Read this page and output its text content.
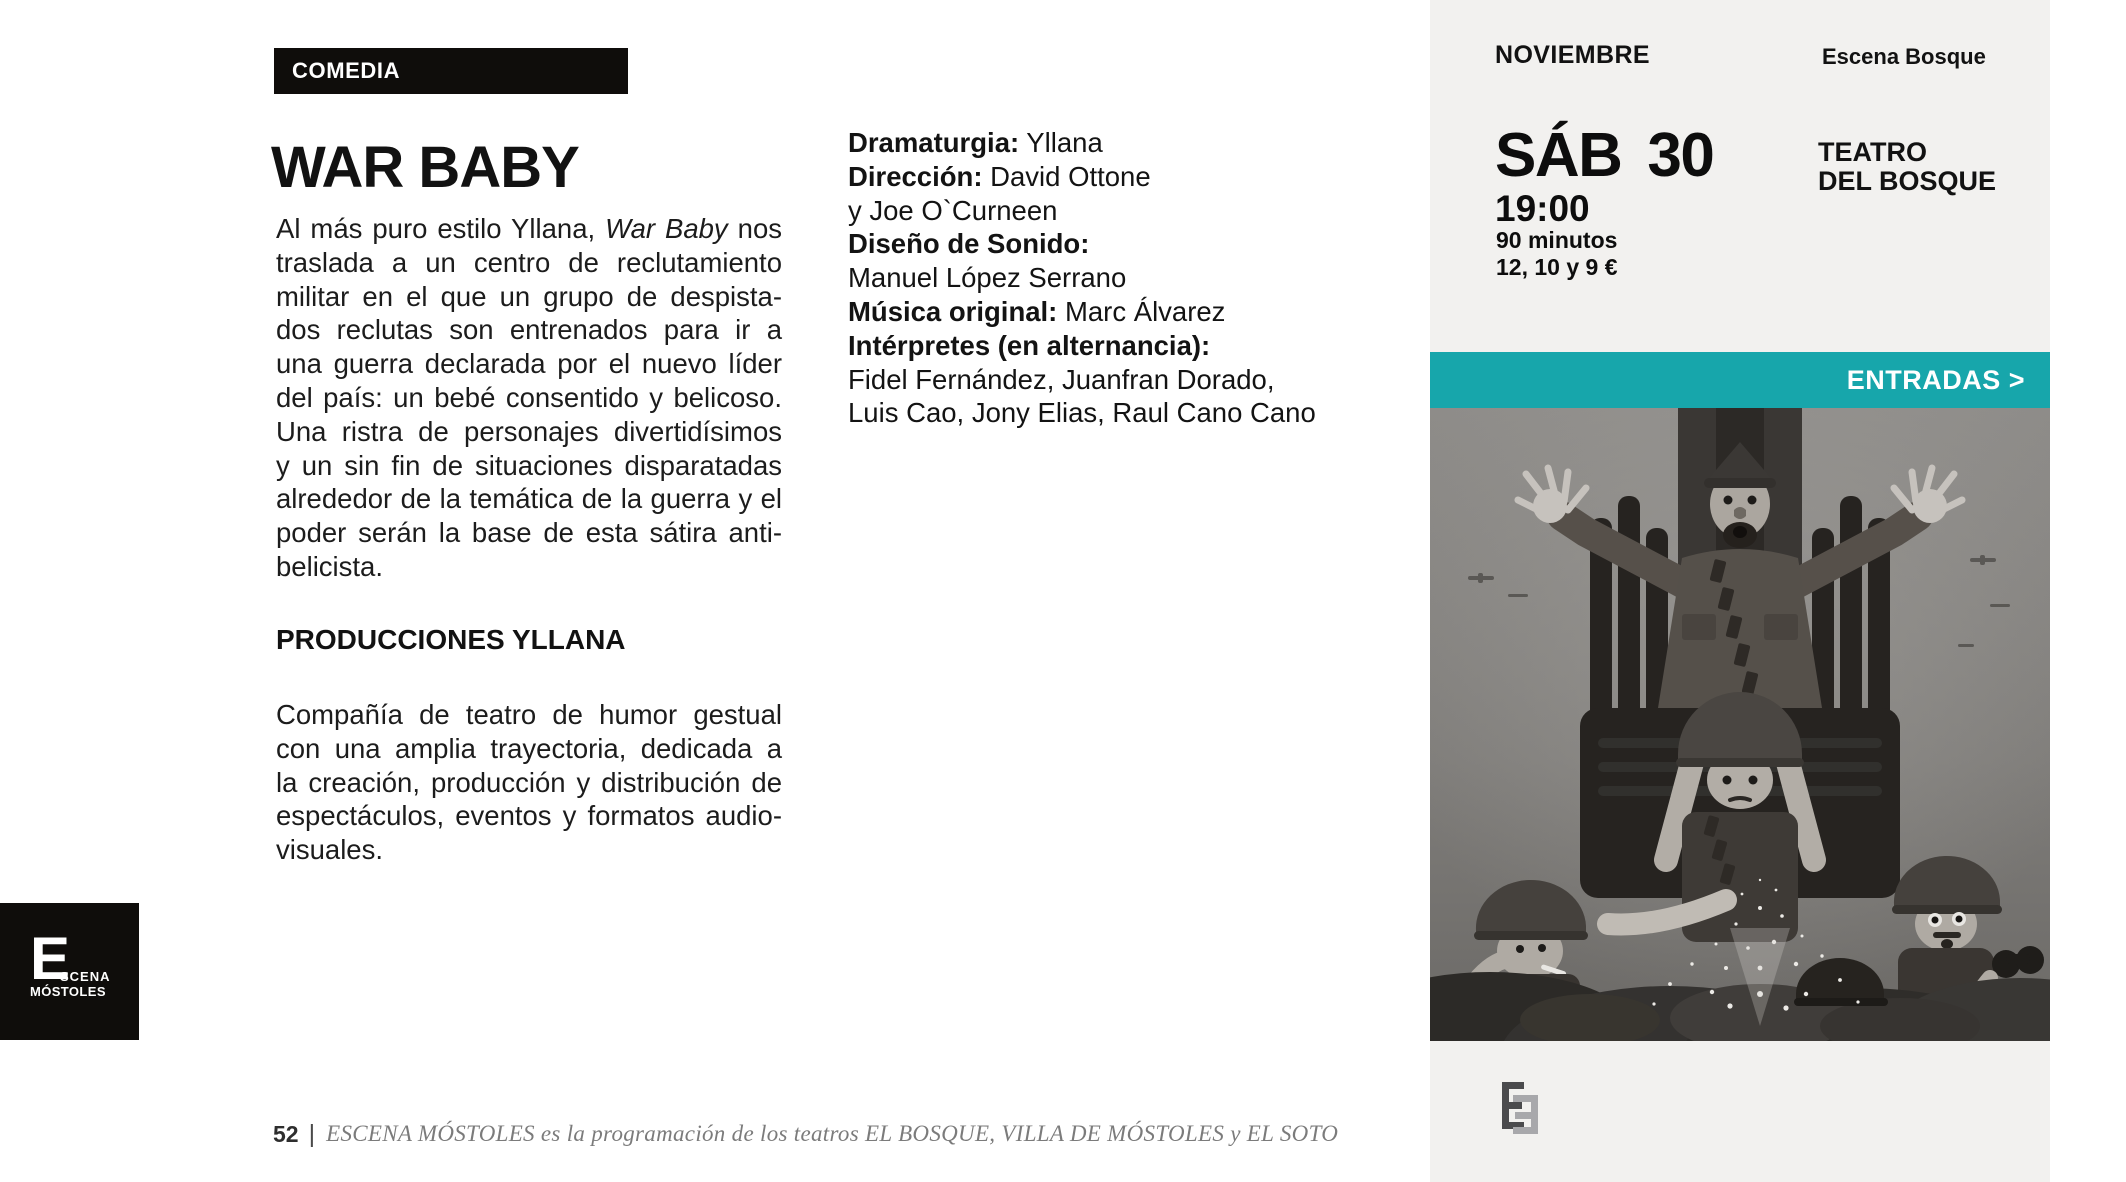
COMEDIA
WAR BABY
Al más puro estilo Yllana, War Baby nos
traslada a un centro de reclutamiento
militar en el que un grupo de despista-
dos reclutas son entrenados para ir a
una guerra declarada por el nuevo líder
del país: un bebé consentido y belicoso.
Una ristra de personajes divertidísimos
y un sin fin de situaciones disparatadas
alrededor de la temática de la guerra y el
poder serán la base de esta sátira anti-
belicista.
PRODUCCIONES YLLANA
Compañía de teatro de humor gestual
con una amplia trayectoria, dedicada a
la creación, producción y distribución de
espectáculos, eventos y formatos audio-
visuales.
Dramaturgia: Yllana
Dirección: David Ottone
y Joe O`Curneen
Diseño de Sonido:
Manuel López Serrano
Música original: Marc Álvarez
Intérpretes (en alternancia):
Fidel Fernández, Juanfran Dorado,
Luis Cao, Jony Elias, Raul Cano Cano
52 | ESCENA MÓSTOLES es la programación de los teatros EL BOSQUE, VILLA DE MÓSTOLES y EL SOTO
E
SCENA
MÓSTOLES
NOVIEMBRE	Escena Bosque
SÁB 30
19:00
90 minutos
12, 10 y 9 €
TEATRO
DEL BOSQUE
ENTRADAS >
